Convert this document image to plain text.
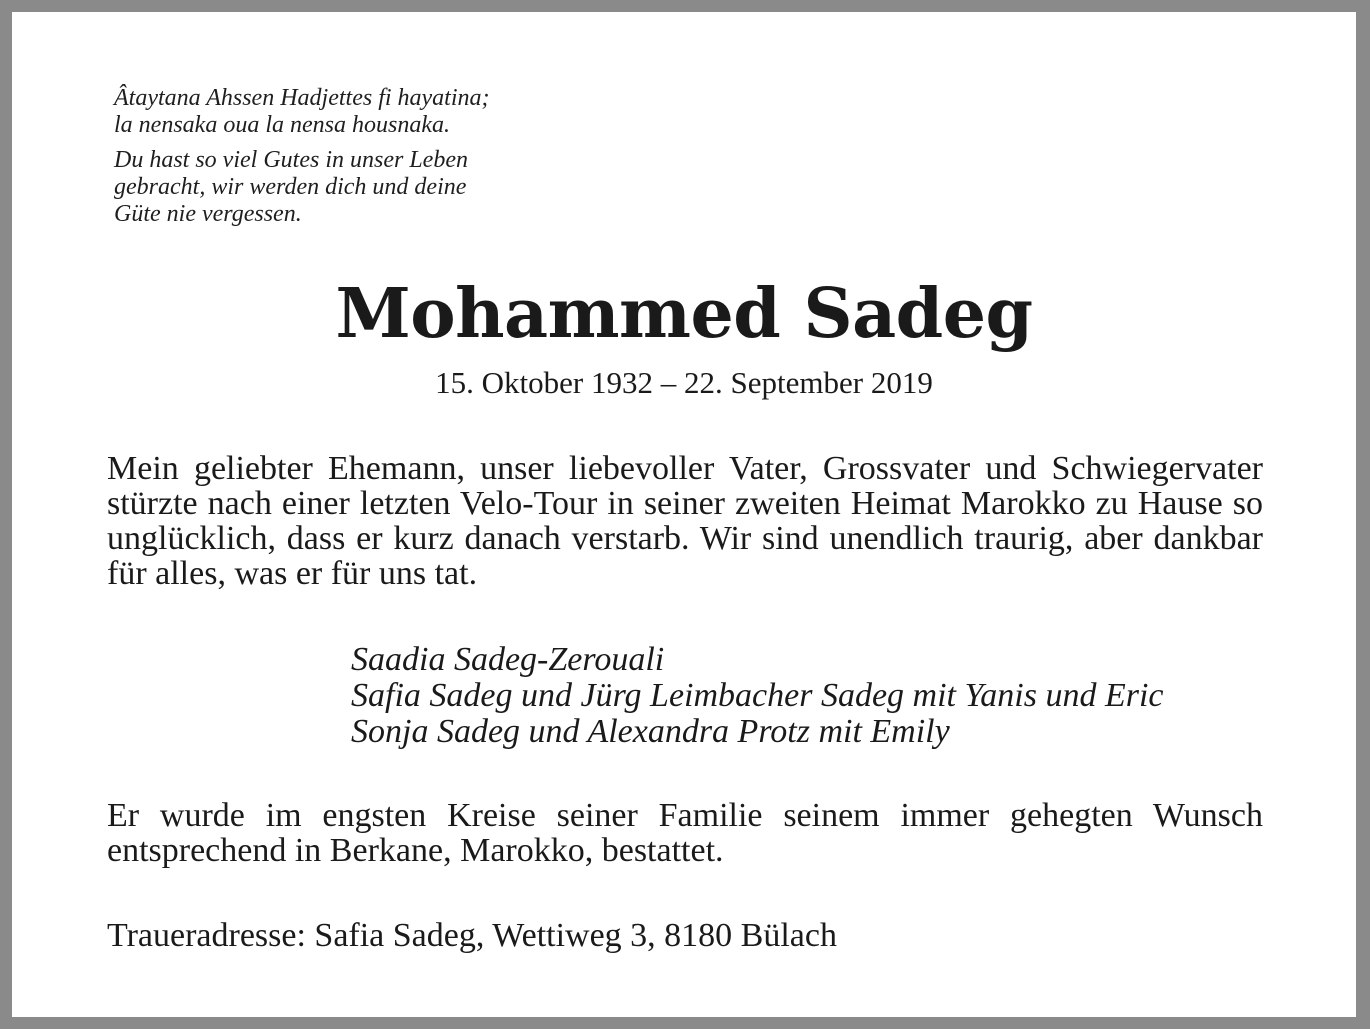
Âtaytana Ahssen Hadjettes fi hayatina;
la nensaka oua la nensa housnaka.

Du hast so viel Gutes in unser Leben
gebracht, wir werden dich und deine
Güte nie vergessen.

Mohammed Sadeg
15. Oktober 1932 – 22. September 2019

Mein geliebter Ehemann, unser liebevoller Vater, Grossvater und Schwiegervater stürzte nach einer letzten Velo-Tour in seiner zweiten Heimat Marokko zu Hause so unglücklich, dass er kurz danach verstarb. Wir sind unendlich traurig, aber dankbar für alles, was er für uns tat.

Saadia Sadeg-Zerouali
Safia Sadeg und Jürg Leimbacher Sadeg mit Yanis und Eric
Sonja Sadeg und Alexandra Protz mit Emily

Er wurde im engsten Kreise seiner Familie seinem immer gehegten Wunsch entsprechend in Berkane, Marokko, bestattet.

Traueradresse: Safia Sadeg, Wettiweg 3, 8180 Bülach
